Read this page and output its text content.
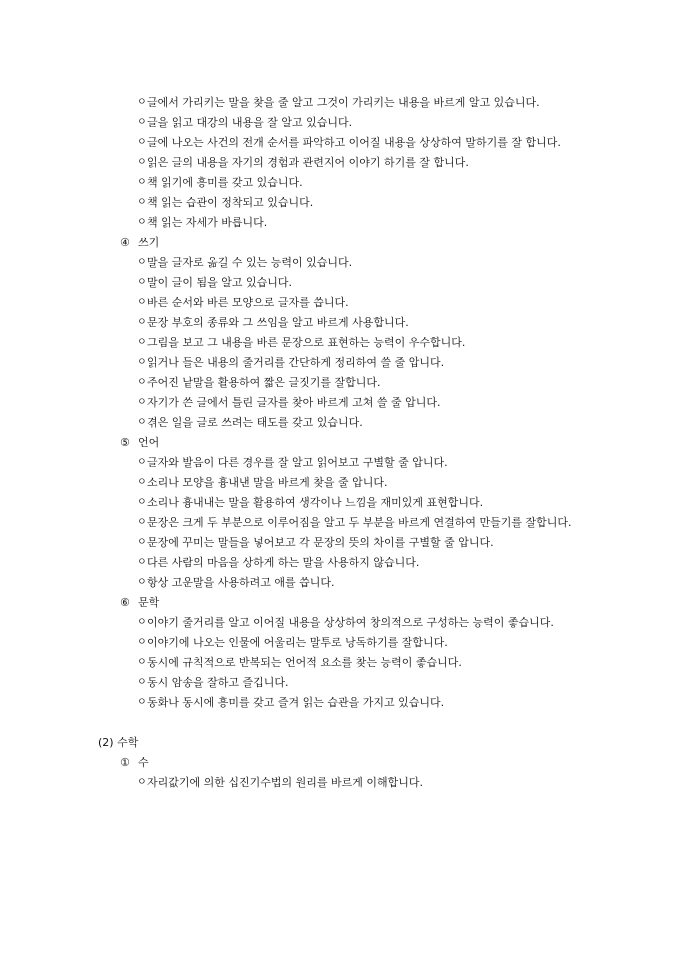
ㅇ 글에서 가리키는 말을 찾을 줄 알고 그것이 가리키는 내용을 바르게 알고 있습니다.

ㅇ 글을 읽고 대강의 내용을 잘 알고 있습니다.

ㅇ 글에 나오는 사건의 전개 순서를 파악하고 이어질 내용을 상상하여 말하기를 잘 합니다.

ㅇ 읽은 글의 내용을 자기의 경험과 관련지어 이야기 하기를 잘 합니다.

ㅇ 책 읽기에 흥미를 갖고 있습니다.

ㅇ 책 읽는 습관이 정착되고 있습니다.

ㅇ 책 읽는 자세가 바릅니다.

④ 쓰기

ㅇ 말을 글자로 옮길 수 있는 능력이 있습니다.

ㅇ 말이 글이 됨을 알고 있습니다.

ㅇ 바른 순서와 바른 모양으로 글자를 씁니다.

ㅇ 문장 부호의 종류와 그 쓰임을 알고 바르게 사용합니다.

ㅇ 그림을 보고 그 내용을 바른 문장으로 표현하는 능력이 우수합니다.

ㅇ 읽거나 들은 내용의 줄거리를 간단하게 정리하여 쓸 줄 압니다.

ㅇ 주어진 낱말을 활용하여 짧은 글짓기를 잘합니다.

ㅇ 자기가 쓴 글에서 틀린 글자를 찾아 바르게 고쳐 쓸 줄 압니다.

ㅇ 겪은 일을 글로 쓰려는 태도를 갖고 있습니다.

⑤ 언어

ㅇ 글자와 발음이 다른 경우를 잘 알고 읽어보고 구별할 줄 압니다.

ㅇ 소리나 모양을 흉내낸 말을 바르게 찾을 줄 압니다.

ㅇ 소리나 흉내내는 말을 활용하여 생각이나 느낌을 재미있게 표현합니다.

ㅇ 문장은 크게 두 부분으로 이루어짐을 알고 두 부분을 바르게 연결하여 만들기를 잘합니다.

ㅇ 문장에 꾸미는 말들을 넣어보고 각 문장의 뜻의 차이를 구별할 줄 압니다.

ㅇ 다른 사람의 마음을 상하게 하는 말을 사용하지 않습니다.

ㅇ 항상 고운말을 사용하려고 애를 씁니다.

⑥ 문학

ㅇ 이야기 줄거리를 알고 이어질 내용을 상상하여 창의적으로 구성하는 능력이 좋습니다.

ㅇ 이야기에 나오는 인물에 어울리는 말투로 낭독하기를 잘합니다.

ㅇ 동시에 규칙적으로 반복되는 언어적 요소를 찾는 능력이 좋습니다.

ㅇ 동시 암송을 잘하고 즐깁니다.

ㅇ 동화나 동시에 흥미를 갖고 즐겨 읽는 습관을 가지고 있습니다.

(2) 수학

① 수

ㅇ 자리값기에 의한 십진기수법의 원리를 바르게 이해합니다.
